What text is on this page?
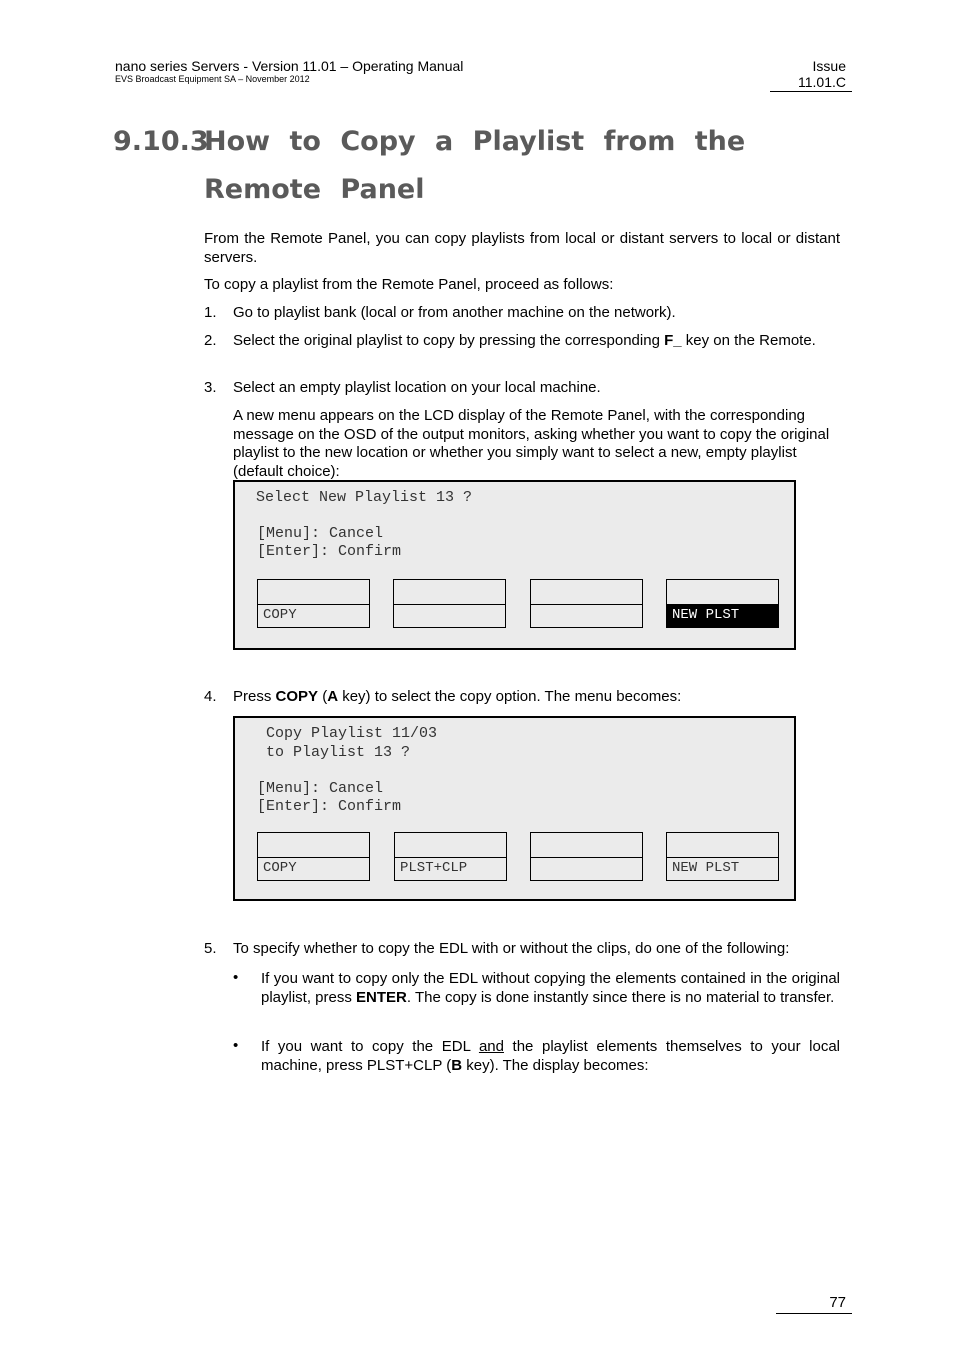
nano series Servers - Version 11.01 – Operating Manual
EVS Broadcast Equipment SA – November 2012
Issue
11.01.C
9.10.3
How to Copy a Playlist from the Remote Panel
From the Remote Panel, you can copy playlists from local or distant servers to local or distant servers.
To copy a playlist from the Remote Panel, proceed as follows:
1. Go to playlist bank (local or from another machine on the network).
2. Select the original playlist to copy by pressing the corresponding F_ key on the Remote.
3. Select an empty playlist location on your local machine.
A new menu appears on the LCD display of the Remote Panel, with the corresponding message on the OSD of the output monitors, asking whether you want to copy the original playlist to the new location or whether you simply want to select a new, empty playlist (default choice):
Select New Playlist 13 ?
[Menu]: Cancel
[Enter]: Confirm
COPY	NEW PLST
4. Press COPY (A key) to select the copy option. The menu becomes:
Copy Playlist 11/03
to Playlist 13 ?
[Menu]: Cancel
[Enter]: Confirm
COPY	PLST+CLP	NEW PLST
5. To specify whether to copy the EDL with or without the clips, do one of the following:
• If you want to copy only the EDL without copying the elements contained in the original playlist, press ENTER. The copy is done instantly since there is no material to transfer.
• If you want to copy the EDL and the playlist elements themselves to your local machine, press PLST+CLP (B key). The display becomes:
77
